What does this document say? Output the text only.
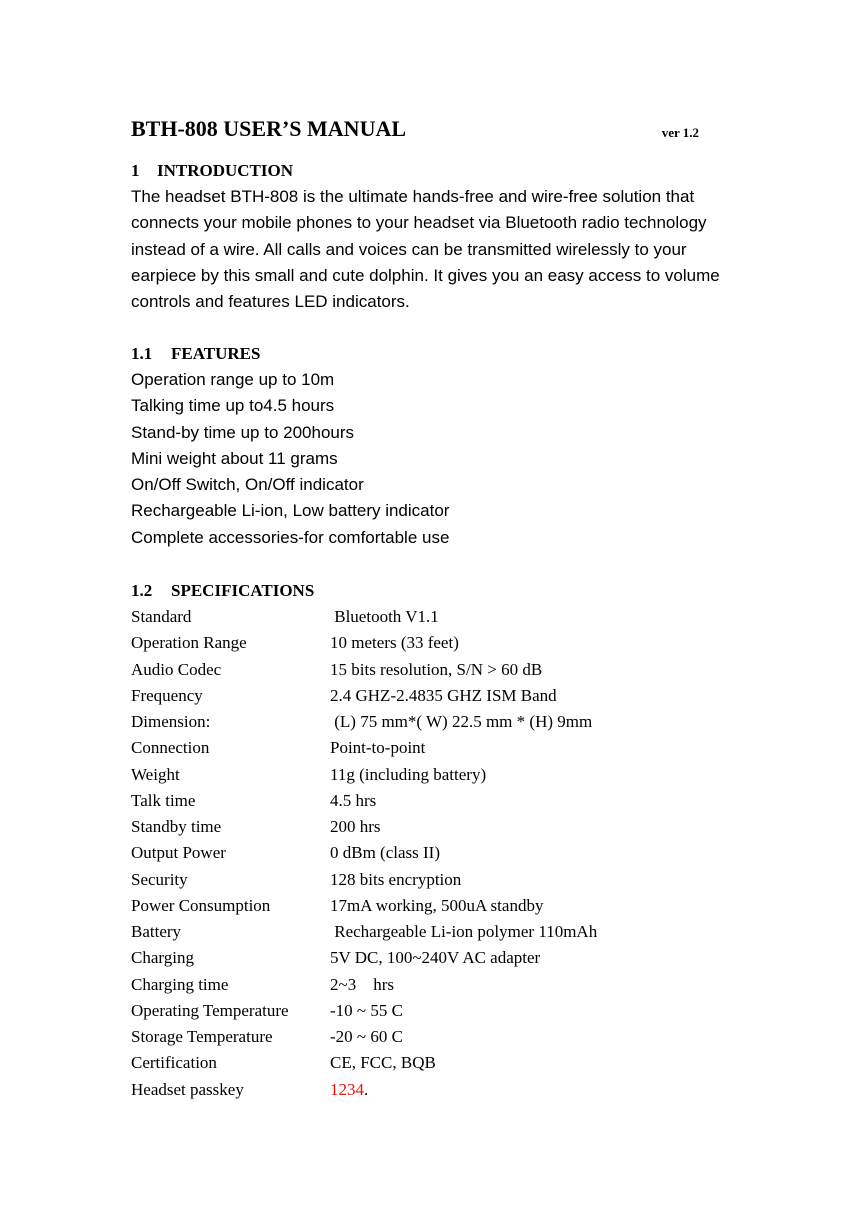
BTH-808 USER’S MANUAL	ver 1.2
1 INTRODUCTION
The headset BTH-808 is the ultimate hands-free and wire-free solution that
connects your mobile phones to your headset via Bluetooth radio technology
instead of a wire. All calls and voices can be transmitted wirelessly to your
earpiece by this small and cute dolphin. It gives you an easy access to volume
controls and features LED indicators.
1.1 FEATURES
Operation range up to 10m
Talking time up to4.5 hours
Stand-by time up to 200hours
Mini weight about 11 grams
On/Off Switch, On/Off indicator
Rechargeable Li-ion, Low battery indicator
Complete accessories-for comfortable use
1.2 SPECIFICATIONS
Standard	Bluetooth V1.1
Operation Range	10 meters (33 feet)
Audio Codec	15 bits resolution, S/N > 60 dB
Frequency	2.4 GHZ-2.4835 GHZ ISM Band
Dimension:	(L) 75 mm*( W) 22.5 mm * (H) 9mm
Connection	Point-to-point
Weight	11g (including battery)
Talk time	4.5 hrs
Standby time	200 hrs
Output Power	0 dBm (class II)
Security	128 bits encryption
Power Consumption	17mA working, 500uA standby
Battery	Rechargeable Li-ion polymer 110mAh
Charging	5V DC, 100~240V AC adapter
Charging time	2~3    hrs
Operating Temperature -10 ~ 55 C
Storage Temperature	-20 ~ 60 C
Certification	CE, FCC, BQB
Headset passkey	1234.
